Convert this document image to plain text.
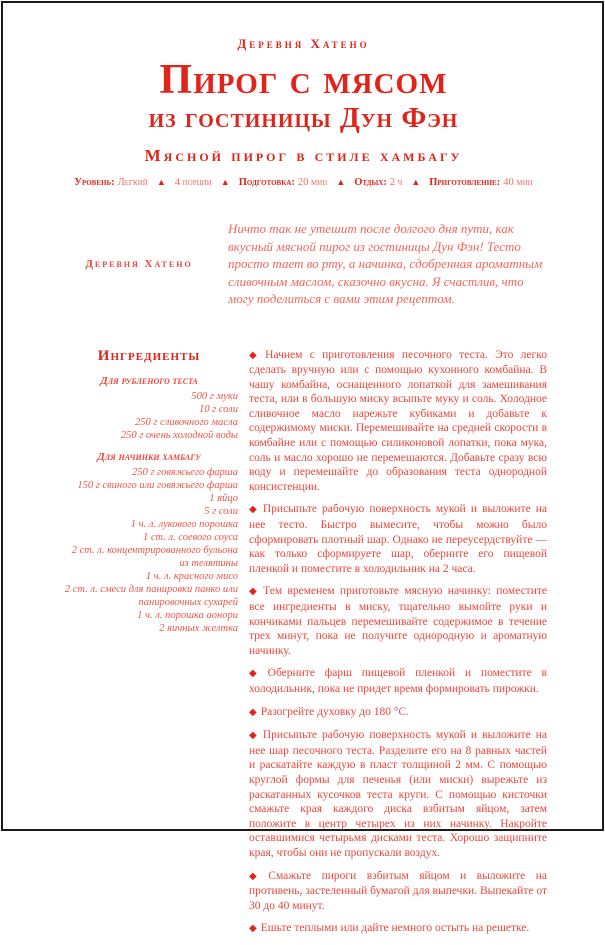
Деревня Хатено
Пирог с мясом
из гостиницы Дун Фэн
Мясной пирог в стиле хамбагу
Уровень: Легкий ▲ 4 порции ▲ Подготовка: 20 мин ▲ Отдых: 2 ч ▲ Приготовление: 40 мин
Деревня Хатено
Ничто так не утешит после долгого дня пути, как вкусный мясной пирог из гостиницы Дун Фэн! Тесто просто тает во рту, а начинка, сдобренная ароматным сливочным маслом, сказочно вкусна. Я счастлив, что могу поделиться с вами этим рецептом.
Ингредиенты
Для рубленого теста
500 г муки
10 г соли
250 г сливочного масла
250 г очень холодной воды
Для начинки хамбагу
250 г говяжьего фарша
150 г свиного или говяжьего фарша
1 яйцо
5 г соли
1 ч. л. лукового порошка
1 ст. л. соевого соуса
2 ст. л. концентрированного бульона из телятины
1 ч. л. красного мисо
2 ст. л. смеси для панировки панко или панировочных сухарей
1 ч. л. порошка аонори
2 яичных желтка

◆ Начнем с приготовления песочного теста. Это легко сделать вручную или с помощью кухонного комбайна. В чашу комбайна, оснащенного лопаткой для замешивания теста, или в большую миску всыпьте муку и соль. Холодное сливочное масло нарежьте кубиками и добавьте к содержимому миски. Перемешивайте на средней скорости в комбайне или с помощью силиконовой лопатки, пока мука, соль и масло хорошо не перемешаются. Добавьте сразу всю воду и перемешайте до образования теста однородной консистенции.

◆ Присыпьте рабочую поверхность мукой и выложите на нее тесто. Быстро вымесите, чтобы можно было сформировать плотный шар. Однако не переусердствуйте — как только сформируете шар, оберните его пищевой пленкой и поместите в холодильник на 2 часа.

◆ Тем временем приготовьте мясную начинку: поместите все ингредиенты в миску, тщательно вымойте руки и кончиками пальцев перемешивайте содержимое в течение трех минут, пока не получите однородную и ароматную начинку.

◆ Оберните фарш пищевой пленкой и поместите в холодильник, пока не придет время формировать пирожки.

◆ Разогрейте духовку до 180 °C.

◆ Присыпьте рабочую поверхность мукой и выложите на нее шар песочного теста. Разделите его на 8 равных частей и раскатайте каждую в пласт толщиной 2 мм. С помощью круглой формы для печенья (или миски) вырежьте из раскатанных кусочков теста круги. С помощью кисточки смажьте края каждого диска взбитым яйцом, затем положите в центр четырех из них начинку. Накройте оставшимися четырьмя дисками теста. Хорошо защипните края, чтобы они не пропускали воздух.

◆ Смажьте пироги взбитым яйцом и выложите на противень, застеленный бумагой для выпечки. Выпекайте от 30 до 40 минут.

◆ Ешьте теплыми или дайте немного остыть на решетке.
